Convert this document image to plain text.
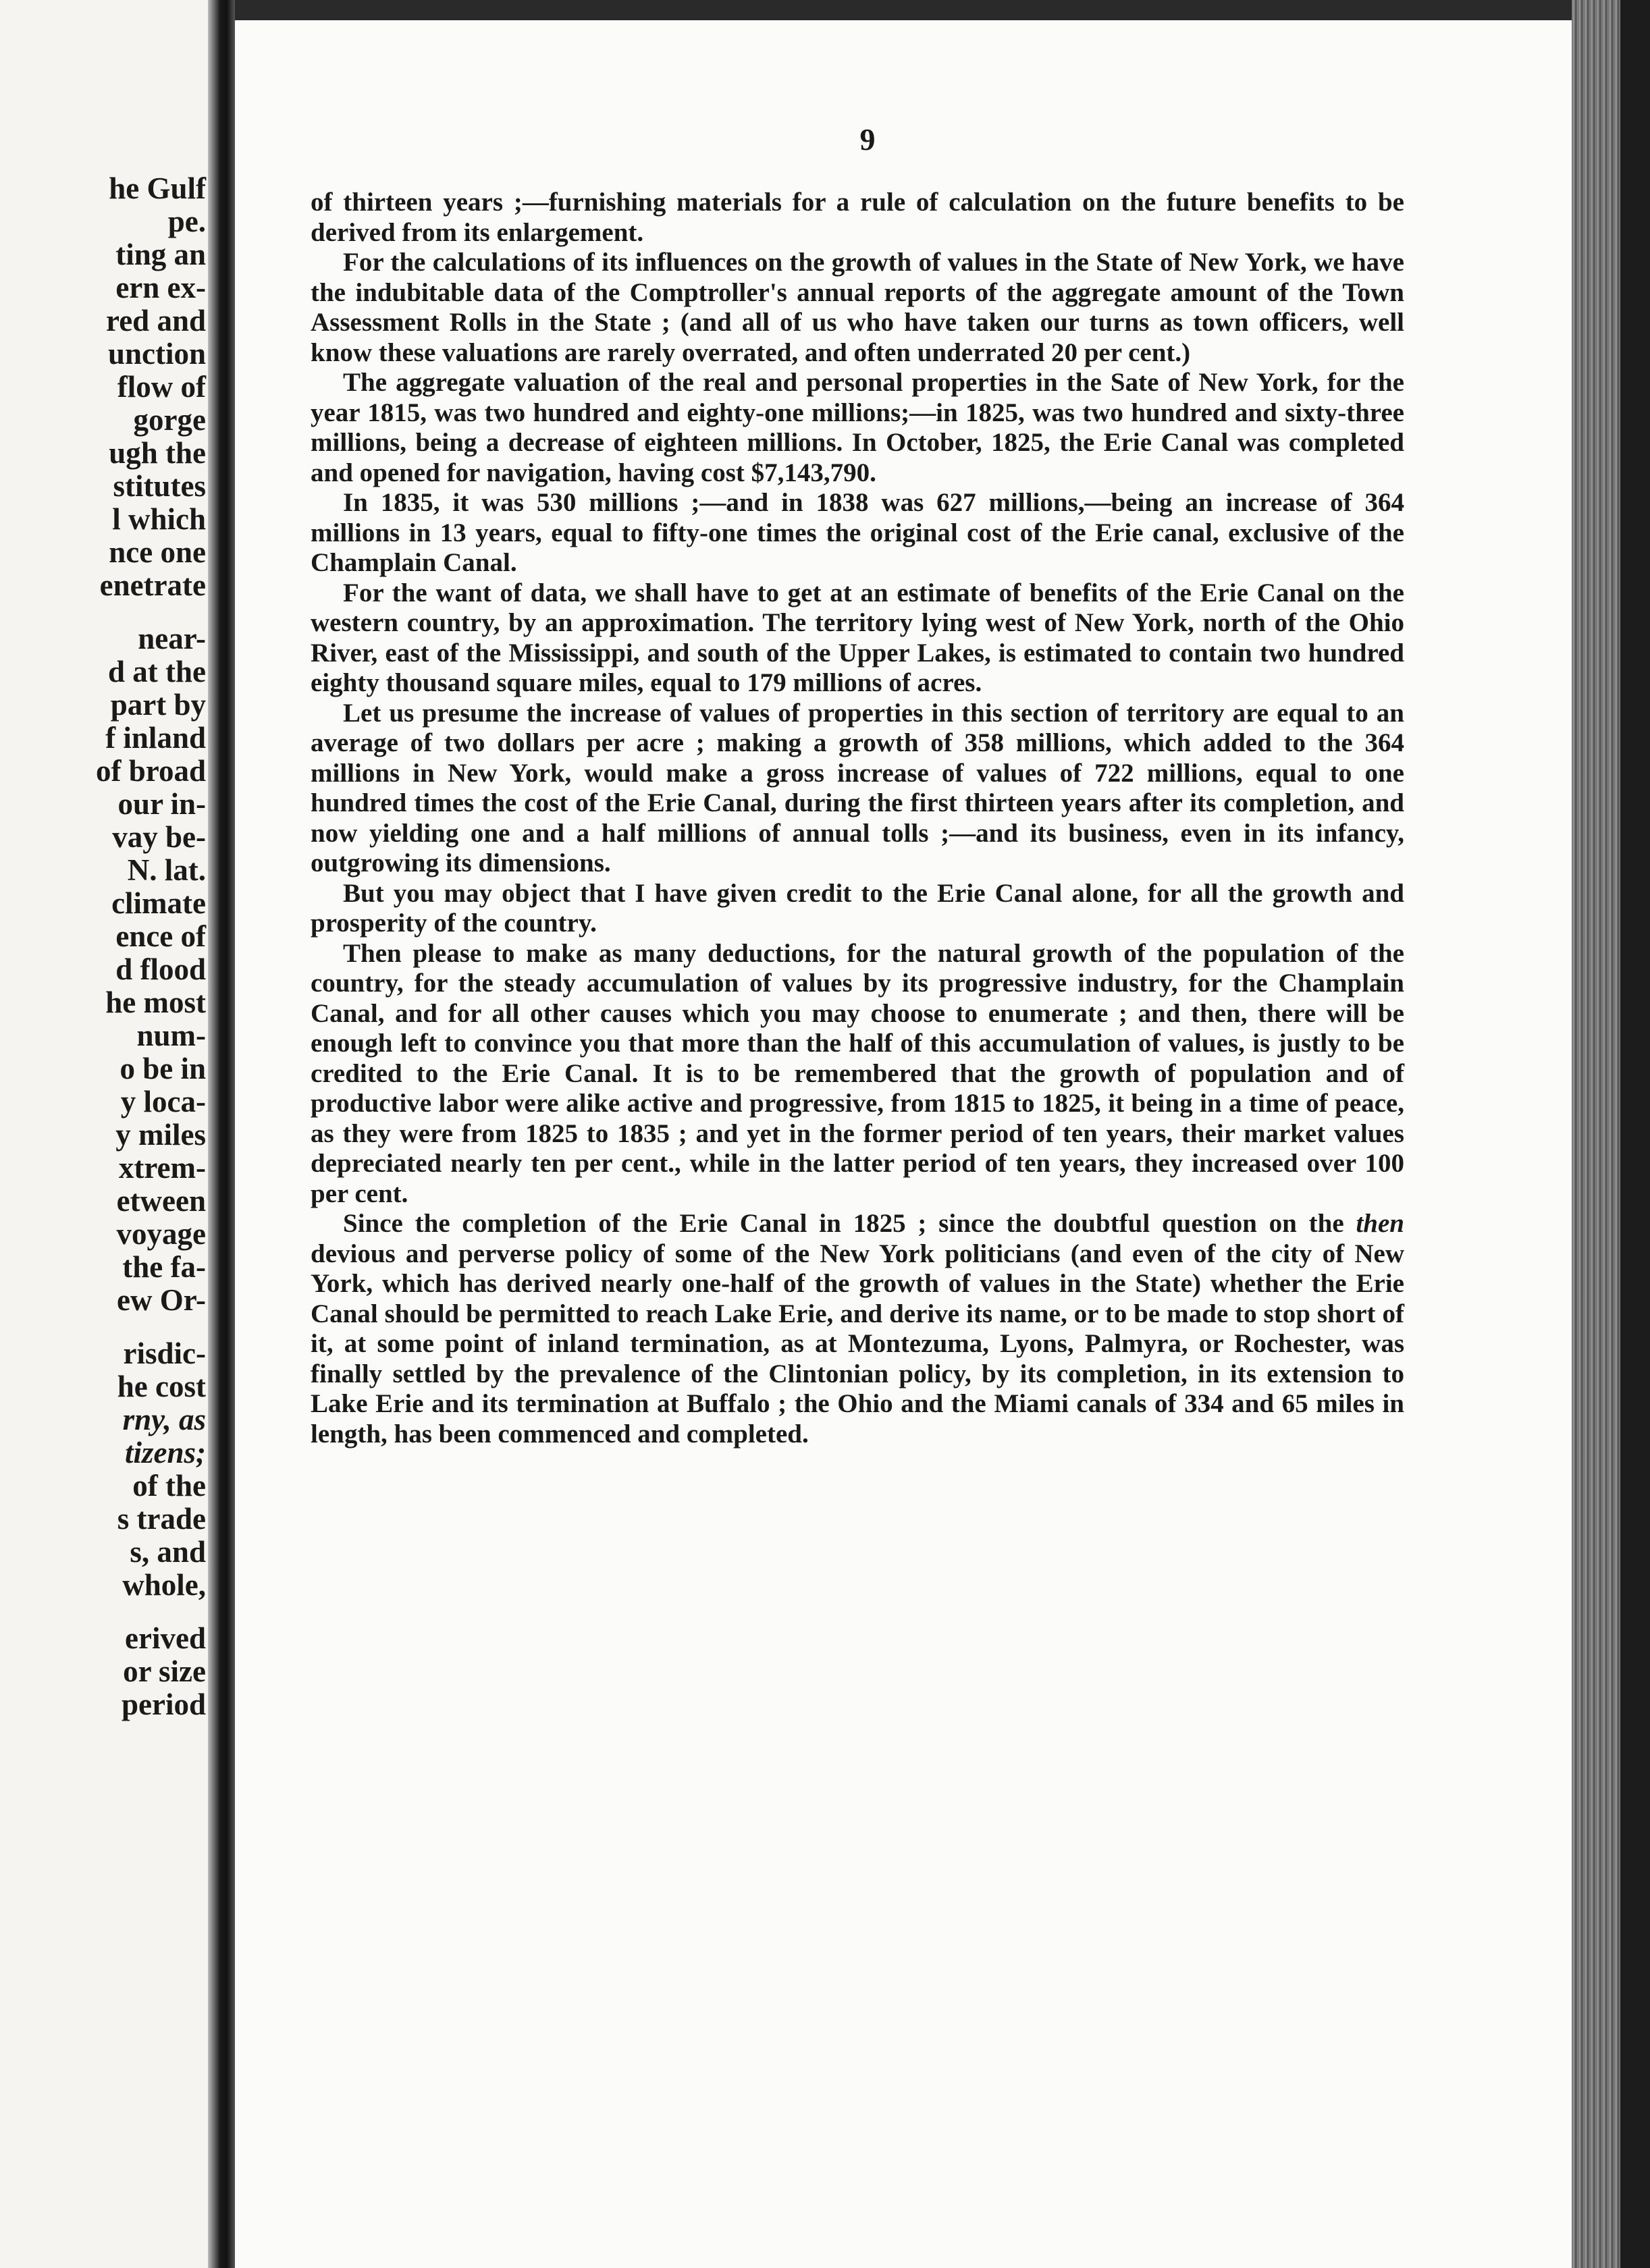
he Gulf
pe.
ting an
ern ex-
red and
unction
flow of
gorge
ugh the
stitutes
l which
nce one
enetrate
near-
d at the
part by
f inland
of broad
our in-
vay be-
N. lat.
climate
ence of
d flood
he most
num-
o be in
y loca-
y miles
xtrem-
etween
voyage
the fa-
ew Or-
risdic-
he cost
rny, as
tizens;
of the
s trade
s, and
whole,
erived
or size
period
9

of thirteen years ;—furnishing materials for a rule of calculation on the future benefits to be derived from its enlargement.

For the calculations of its influences on the growth of values in the State of New York, we have the indubitable data of the Comptroller's annual reports of the aggregate amount of the Town Assessment Rolls in the State ; (and all of us who have taken our turns as town officers, well know these valuations are rarely overrated, and often underrated 20 per cent.)

The aggregate valuation of the real and personal properties in the Sate of New York, for the year 1815, was two hundred and eighty-one millions;—in 1825, was two hundred and sixty-three millions, being a decrease of eighteen millions. In October, 1825, the Erie Canal was completed and opened for navigation, having cost $7,143,790.

In 1835, it was 530 millions ;—and in 1838 was 627 millions,—being an increase of 364 millions in 13 years, equal to fifty-one times the original cost of the Erie canal, exclusive of the Champlain Canal.

For the want of data, we shall have to get at an estimate of benefits of the Erie Canal on the western country, by an approximation. The territory lying west of New York, north of the Ohio River, east of the Mississippi, and south of the Upper Lakes, is estimated to contain two hundred eighty thousand square miles, equal to 179 millions of acres.

Let us presume the increase of values of properties in this section of territory are equal to an average of two dollars per acre ; making a growth of 358 millions, which added to the 364 millions in New York, would make a gross increase of values of 722 millions, equal to one hundred times the cost of the Erie Canal, during the first thirteen years after its completion, and now yielding one and a half millions of annual tolls ;—and its business, even in its infancy, outgrowing its dimensions.

But you may object that I have given credit to the Erie Canal alone, for all the growth and prosperity of the country.

Then please to make as many deductions, for the natural growth of the population of the country, for the steady accumulation of values by its progressive industry, for the Champlain Canal, and for all other causes which you may choose to enumerate ; and then, there will be enough left to convince you that more than the half of this accumulation of values, is justly to be credited to the Erie Canal. It is to be remembered that the growth of population and of productive labor were alike active and progressive, from 1815 to 1825, it being in a time of peace, as they were from 1825 to 1835 ; and yet in the former period of ten years, their market values depreciated nearly ten per cent., while in the latter period of ten years, they increased over 100 per cent.

Since the completion of the Erie Canal in 1825 ; since the doubtful question on the then devious and perverse policy of some of the New York politicians (and even of the city of New York, which has derived nearly one-half of the growth of values in the State) whether the Erie Canal should be permitted to reach Lake Erie, and derive its name, or to be made to stop short of it, at some point of inland termination, as at Montezuma, Lyons, Palmyra, or Rochester, was finally settled by the prevalence of the Clintonian policy, by its completion, in its extension to Lake Erie and its termination at Buffalo ; the Ohio and the Miami canals of 334 and 65 miles in length, has been commenced and completed.
